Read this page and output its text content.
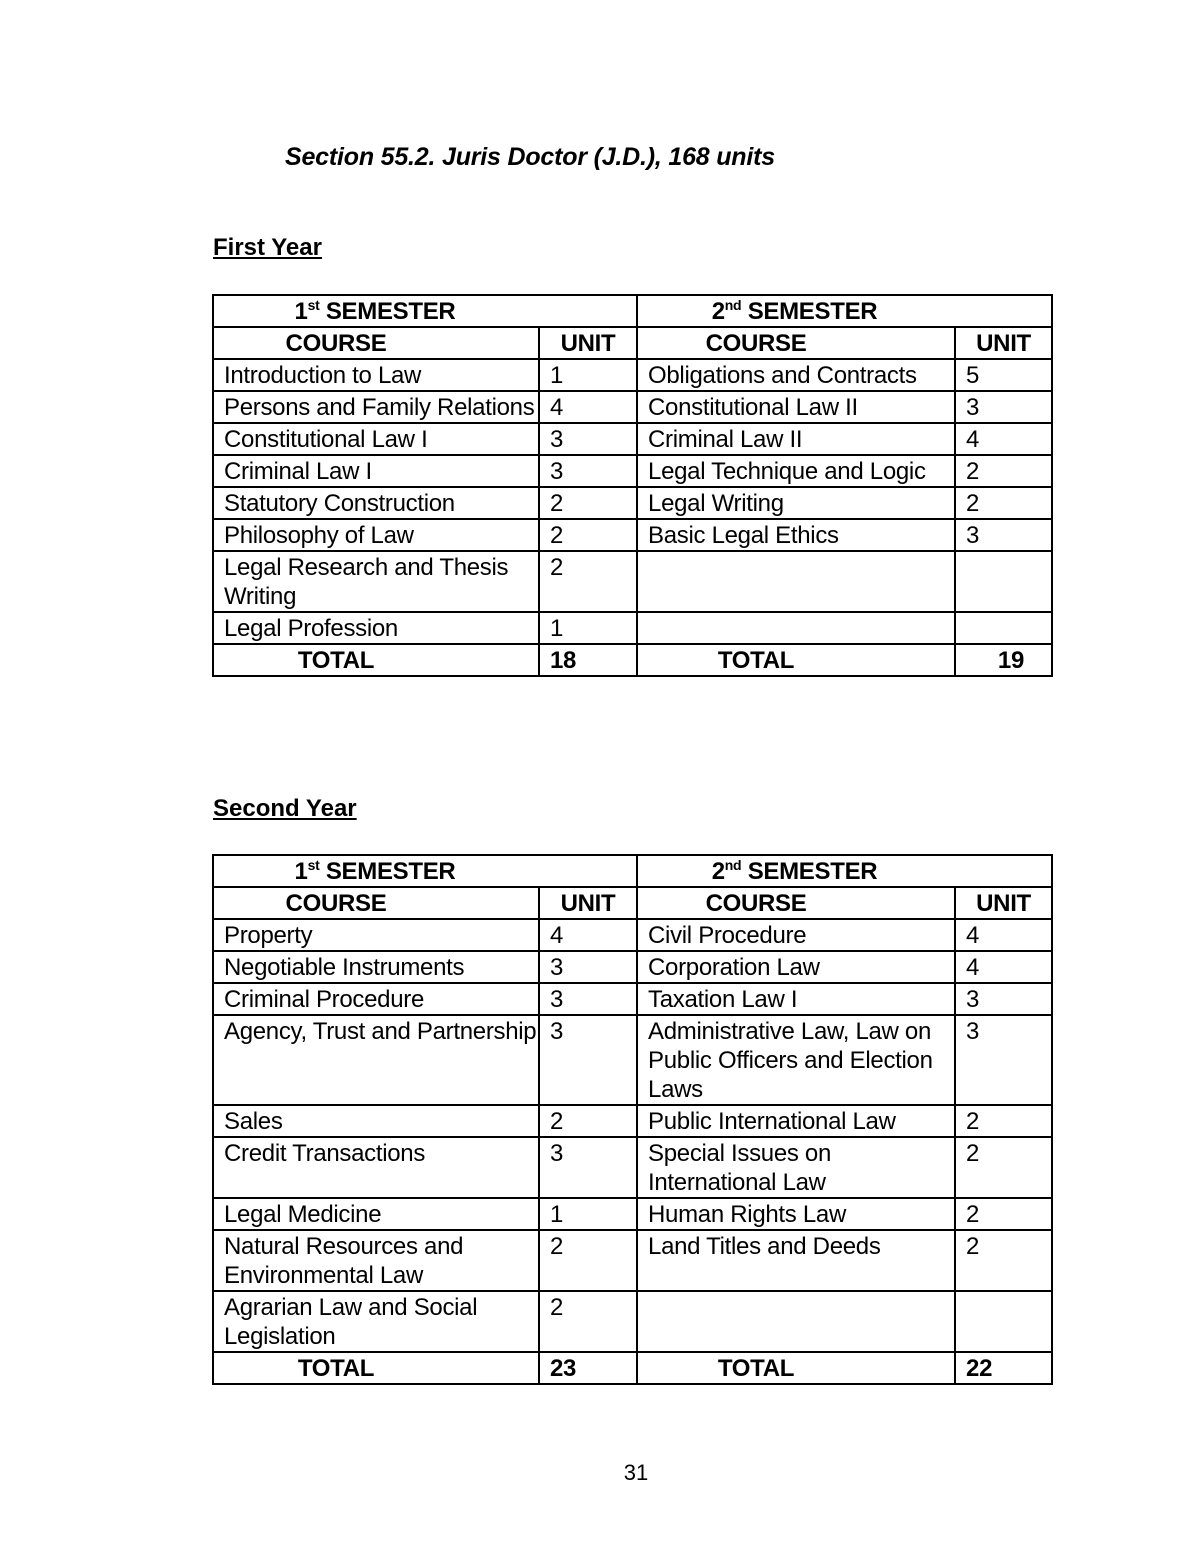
Section 55.2. Juris Doctor (J.D.), 168 units
First Year
1st SEMESTER		2nd SEMESTER	
COURSE	UNIT	COURSE	UNIT
Introduction to Law	1	Obligations and Contracts	5
Persons and Family Relations	4	Constitutional Law II	3
Constitutional Law I	3	Criminal Law II	4
Criminal Law I	3	Legal Technique and Logic	2
Statutory Construction	2	Legal Writing	2
Philosophy of Law	2	Basic Legal Ethics	3
Legal Research and Thesis Writing	2		
Legal Profession	1		
TOTAL	18	TOTAL	19
Second Year
1st SEMESTER		2nd SEMESTER	
COURSE	UNIT	COURSE	UNIT
Property	4	Civil Procedure	4
Negotiable Instruments	3	Corporation Law	4
Criminal Procedure	3	Taxation Law I	3
Agency, Trust and Partnership	3	Administrative Law, Law on Public Officers and Election Laws	3
Sales	2	Public International Law	2
Credit Transactions	3	Special Issues on International Law	2
Legal Medicine	1	Human Rights Law	2
Natural Resources and Environmental Law	2	Land Titles and Deeds	2
Agrarian Law and Social Legislation	2		
TOTAL	23	TOTAL	22
31
